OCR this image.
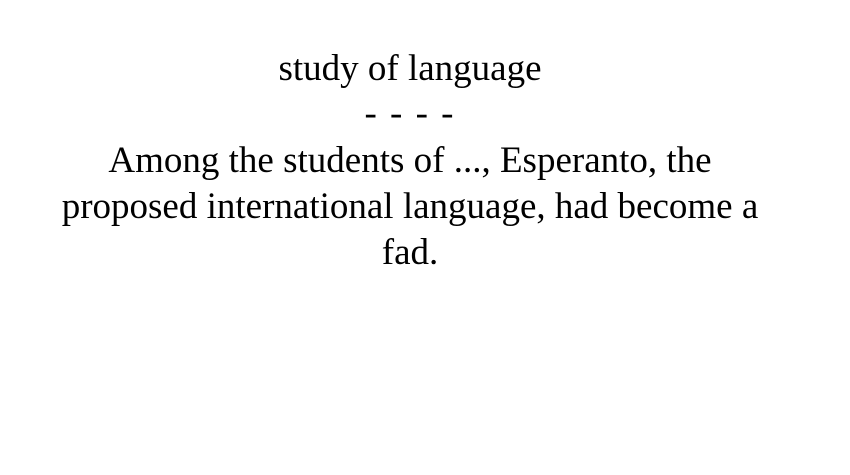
study of language
- - - -
Among the students of ..., Esperanto, the proposed international language, had become a fad.
